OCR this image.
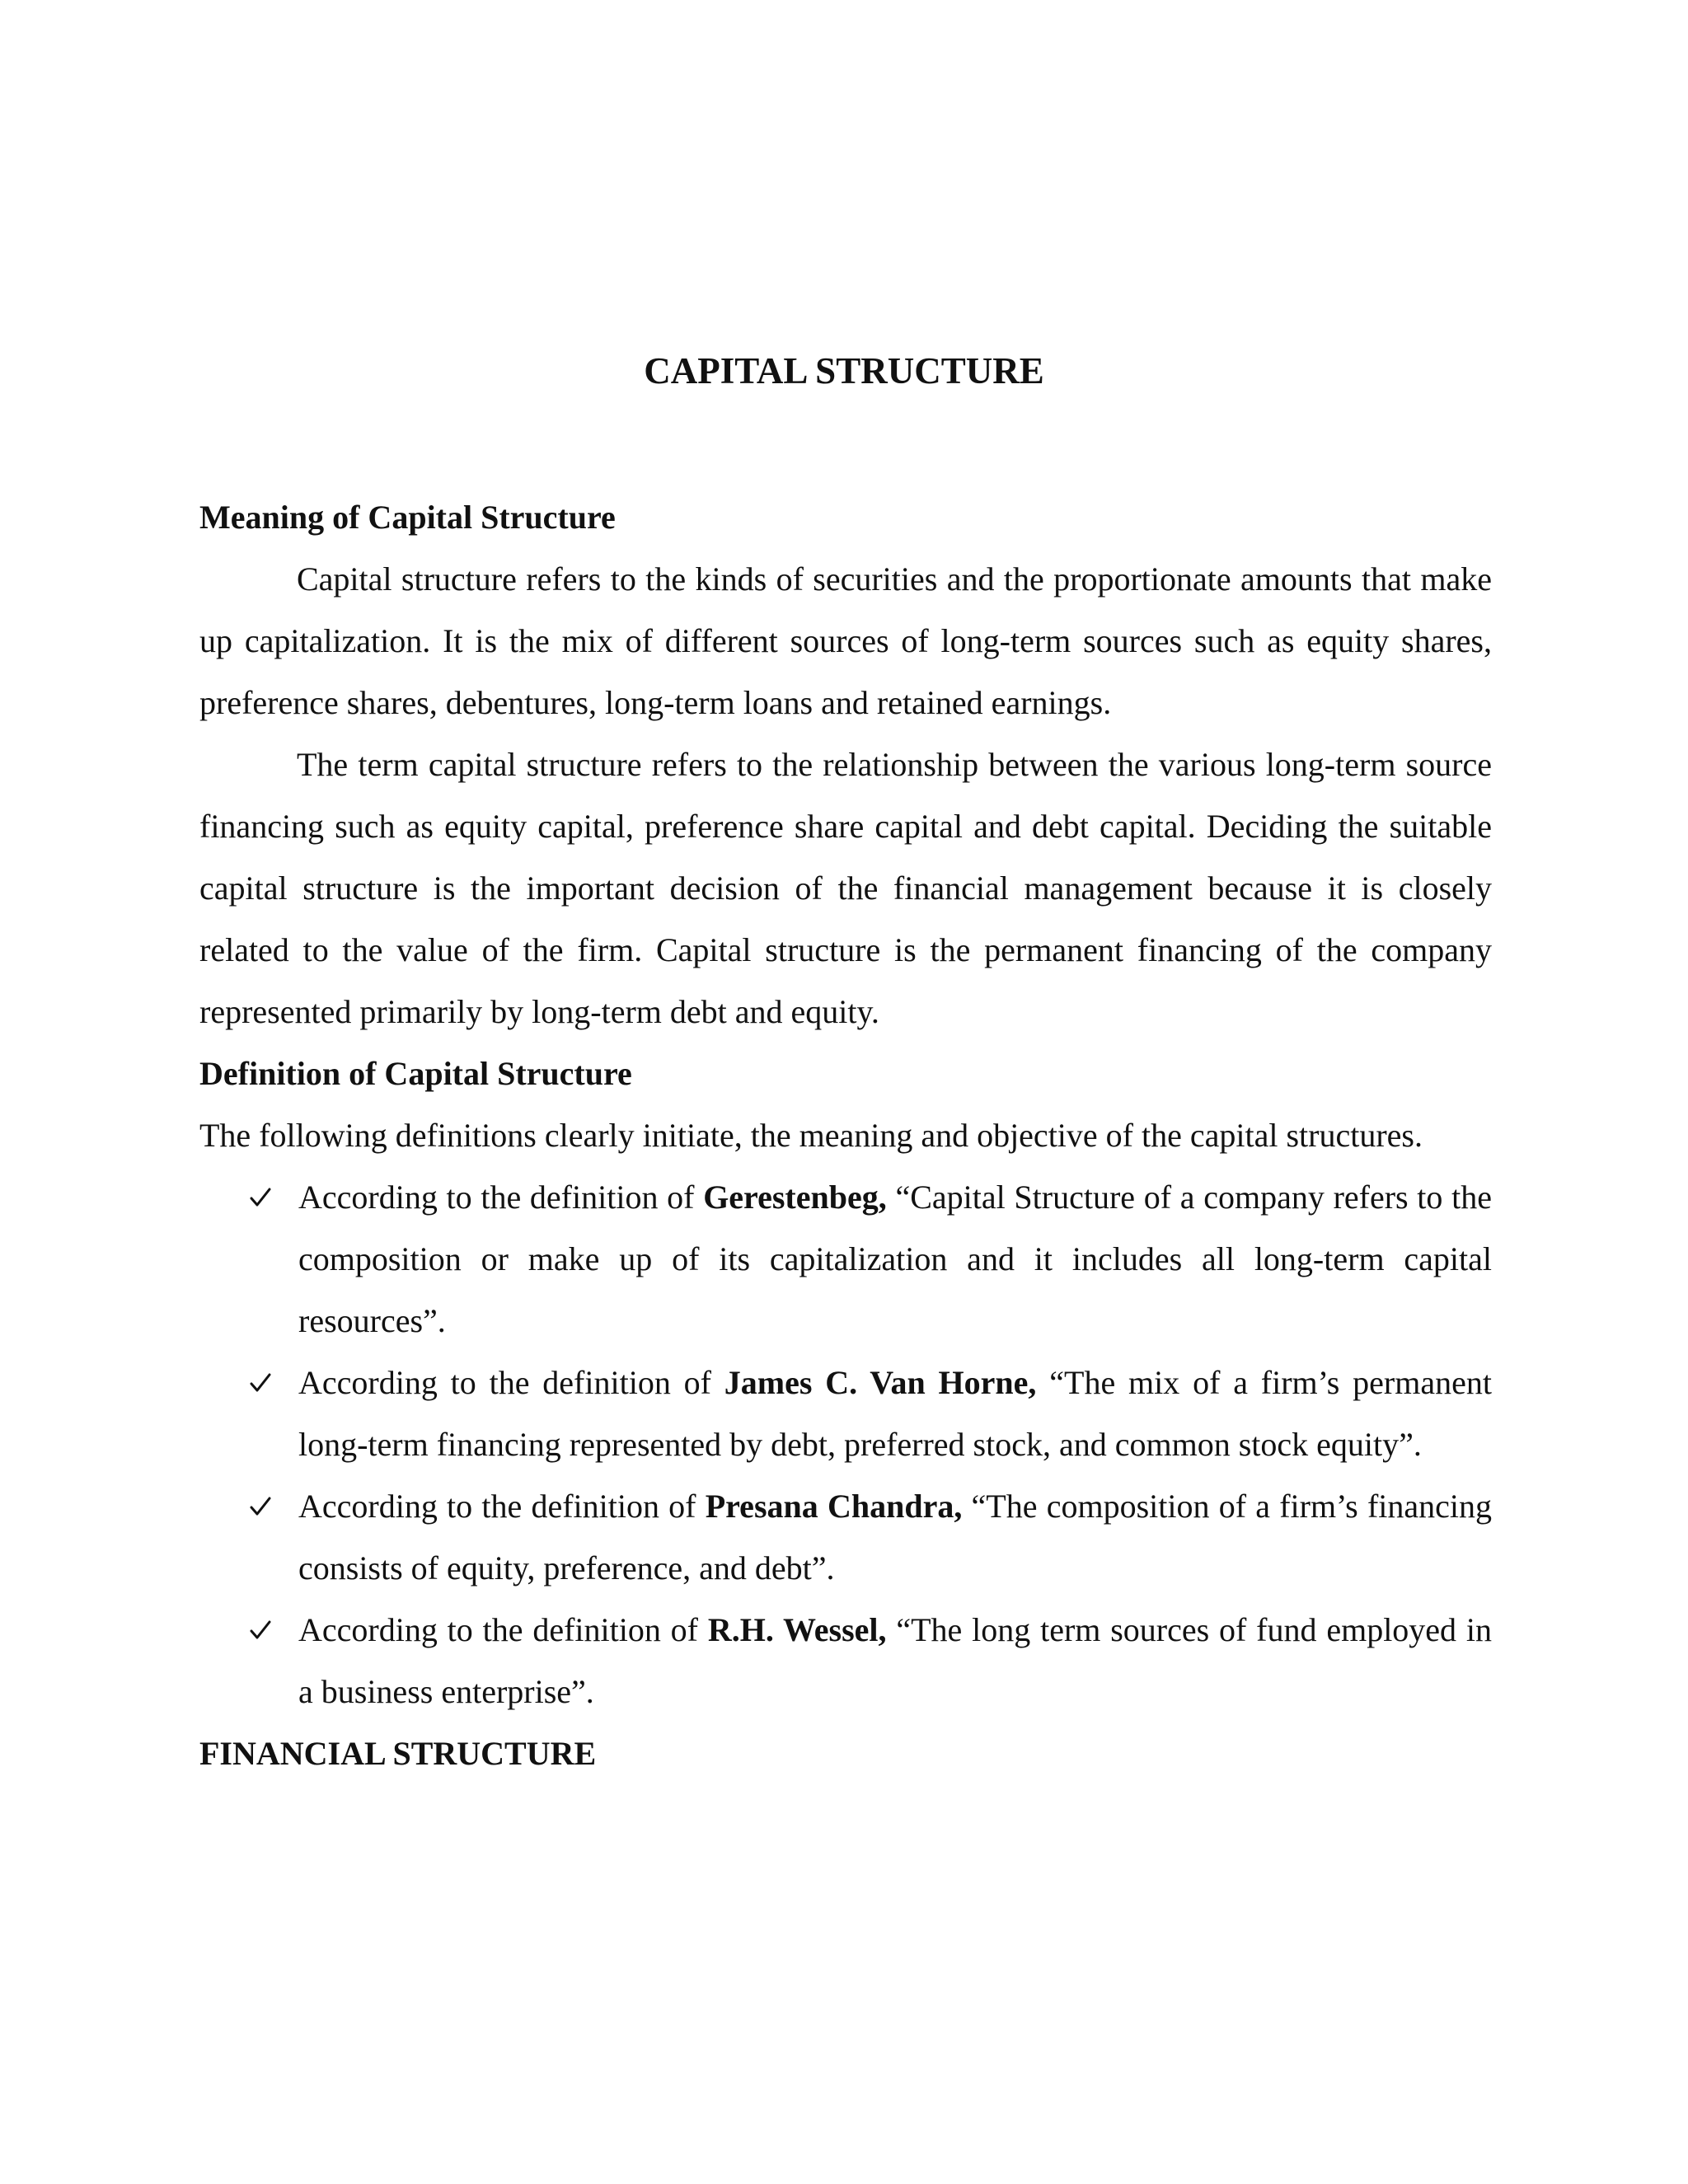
CAPITAL STRUCTURE

Meaning of Capital Structure

Capital structure refers to the kinds of securities and the proportionate amounts that make up capitalization. It is the mix of different sources of long-term sources such as equity shares, preference shares, debentures, long-term loans and retained earnings.

The term capital structure refers to the relationship between the various long-term source financing such as equity capital, preference share capital and debt capital. Deciding the suitable capital structure is the important decision of the financial management because it is closely related to the value of the firm. Capital structure is the permanent financing of the company represented primarily by long-term debt and equity.

Definition of Capital Structure

The following definitions clearly initiate, the meaning and objective of the capital structures.

According to the definition of Gerestenbeg, “Capital Structure of a company refers to the composition or make up of its capitalization and it includes all long-term capital resources”.
According to the definition of James C. Van Horne, “The mix of a firm’s permanent long-term financing represented by debt, preferred stock, and common stock equity”.
According to the definition of Presana Chandra, “The composition of a firm’s financing consists of equity, preference, and debt”.
According to the definition of R.H. Wessel, “The long term sources of fund employed in a business enterprise”.

FINANCIAL STRUCTURE
